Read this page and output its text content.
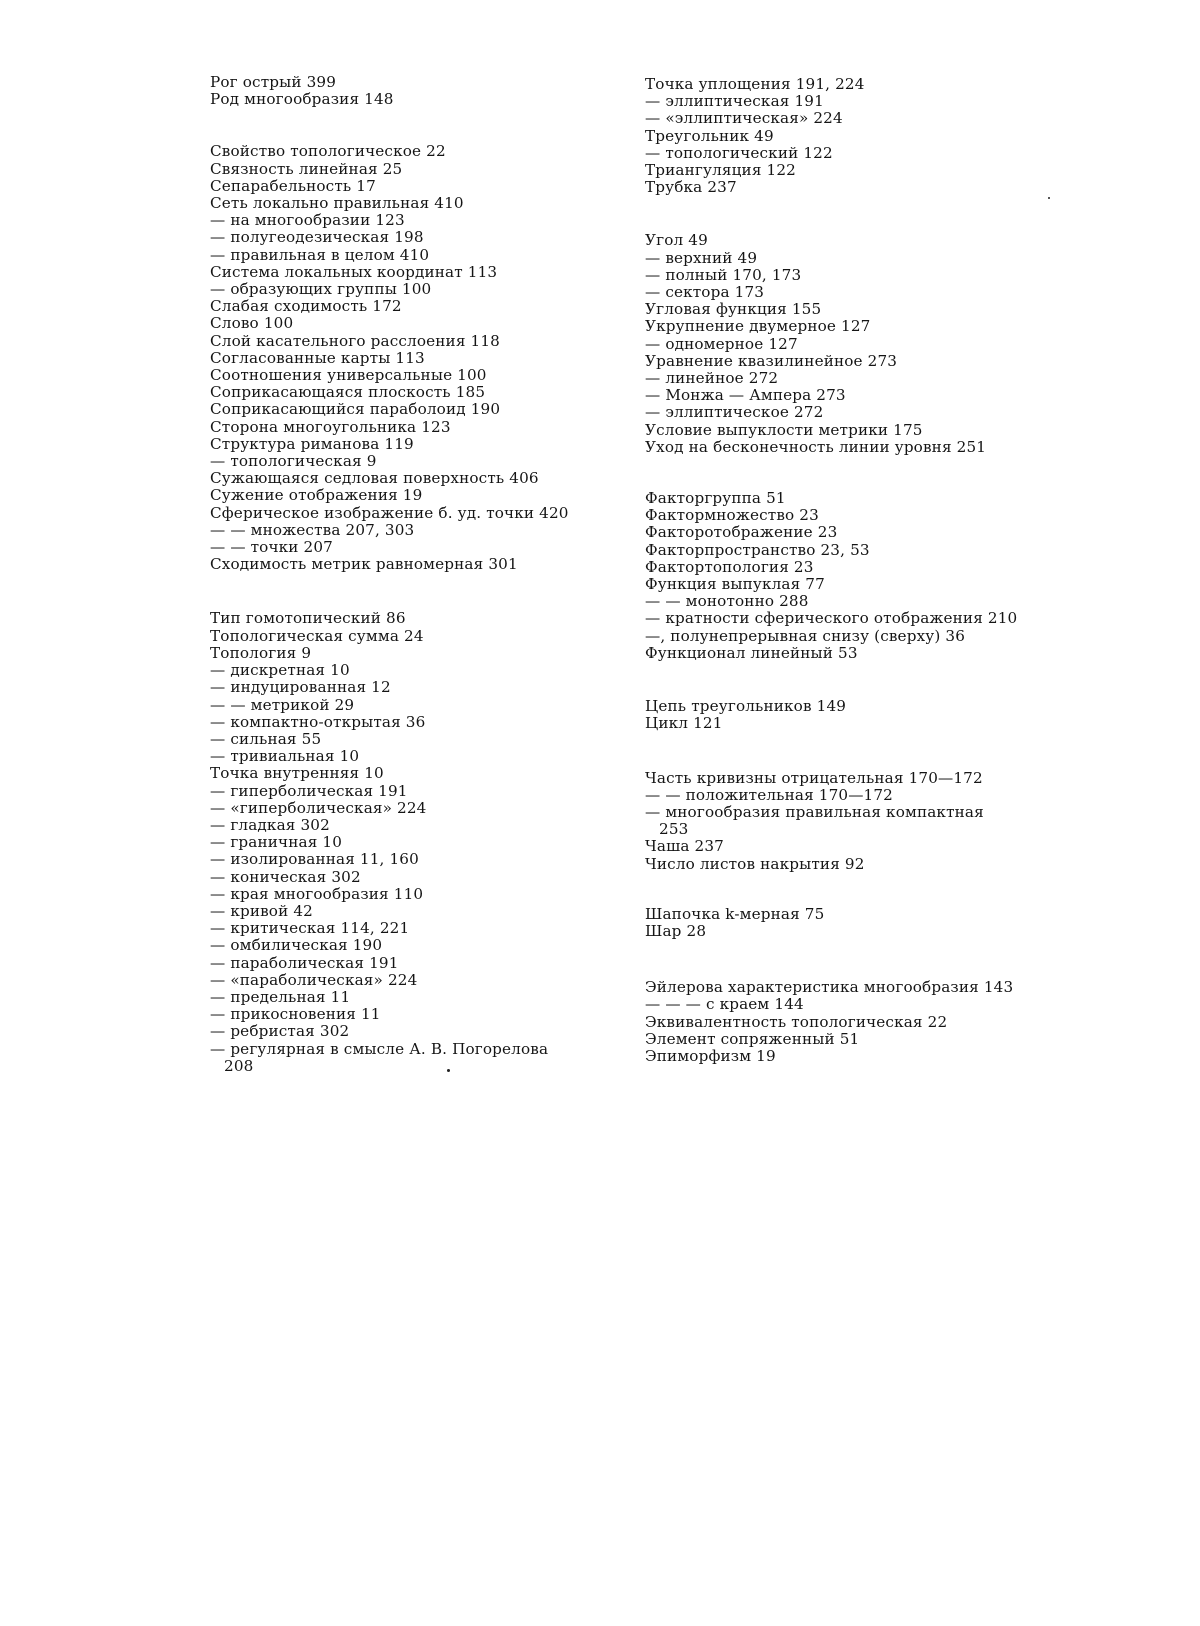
Рог острый 399
Род многообразия 148
Свойство топологическое 22
Связность линейная 25
Сепарабельность 17
Сеть локально правильная 410
— на многообразии 123
— полугеодезическая 198
— правильная в целом 410
Система локальных координат 113
— образующих группы 100
Слабая сходимость 172
Слово 100
Слой касательного расслоения 118
Согласованные карты 113
Соотношения универсальные 100
Соприкасающаяся плоскость 185
Соприкасающийся параболоид 190
Сторона многоугольника 123
Структура риманова 119
— топологическая 9
Сужающаяся седловая поверхность 406
Сужение отображения 19
Сферическое изображение б. уд. точки 420
— — множества 207, 303
— — точки 207
Сходимость метрик равномерная 301
Тип гомотопический 86
Топологическая сумма 24
Топология 9
— дискретная 10
— индуцированная 12
— — метрикой 29
— компактно-открытая 36
— сильная 55
— тривиальная 10
Точка внутренняя 10
— гиперболическая 191
— «гиперболическая» 224
— гладкая 302
— граничная 10
— изолированная 11, 160
— коническая 302
— края многообразия 110
— кривой 42
— критическая 114, 221
— омбилическая 190
— параболическая 191
— «параболическая» 224
— предельная 11
— прикосновения 11
— ребристая 302
— регулярная в смысле А. В. Погорелова
208
Точка уплощения 191, 224
— эллиптическая 191
— «эллиптическая» 224
Треугольник 49
— топологический 122
Триангуляция 122
Трубка 237
Угол 49
— верхний 49
— полный 170, 173
— сектора 173
Угловая функция 155
Укрупнение двумерное 127
— одномерное 127
Уравнение квазилинейное 273
— линейное 272
— Монжа — Ампера 273
— эллиптическое 272
Условие выпуклости метрики 175
Уход на бесконечность линии уровня 251
Факторгруппа 51
Фактормножество 23
Факторотображение 23
Факторпространство 23, 53
Фактортопология 23
Функция выпуклая 77
— — монотонно 288
— кратности сферического отображения 210
—, полунепрерывная снизу (сверху) 36
Функционал линейный 53
Цепь треугольников 149
Цикл 121
Часть кривизны отрицательная 170—172
— — положительная 170—172
— многообразия правильная компактная
253
Чаша 237
Число листов накрытия 92
Шапочка k-мерная 75
Шар 28
Эйлерова характеристика многообразия 143
— — — с краем 144
Эквивалентность топологическая 22
Элемент сопряженный 51
Эпиморфизм 19
